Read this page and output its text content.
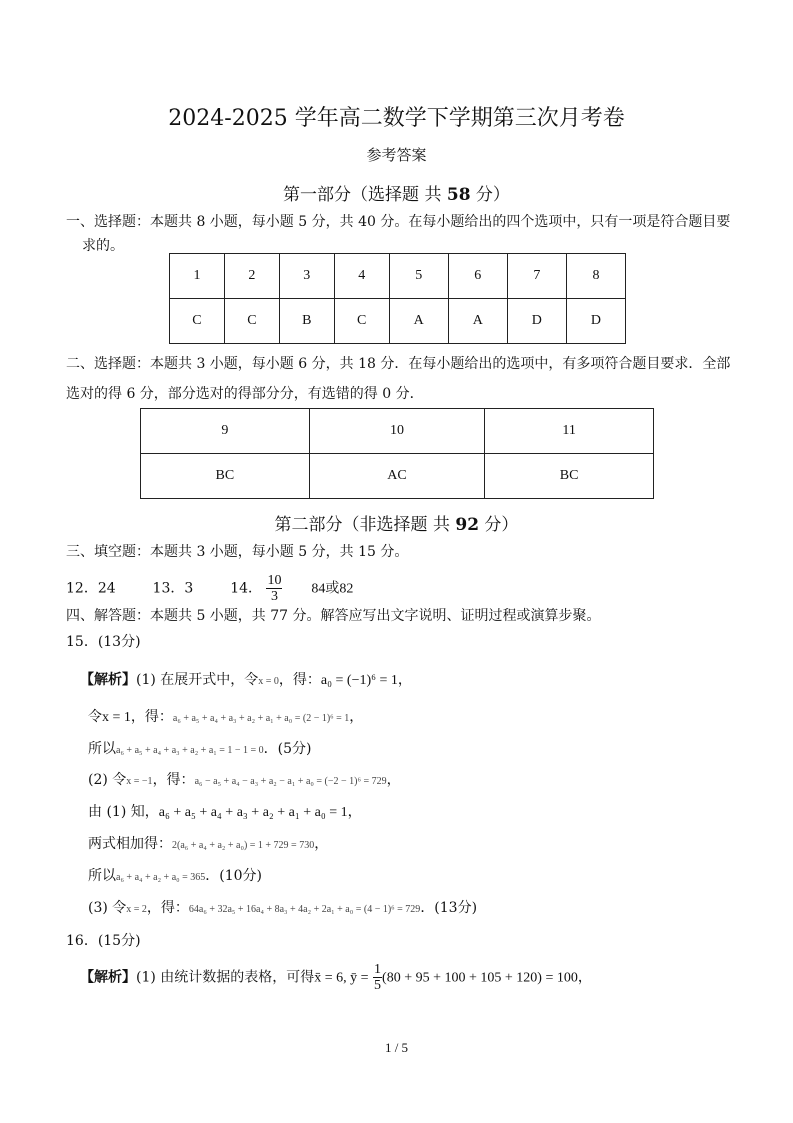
2024-2025 学年高二数学下学期第三次月考卷
参考答案
第一部分（选择题 共 58 分）
一、选择题：本题共 8 小题，每小题 5 分，共 40 分。在每小题给出的四个选项中，只有一项是符合题目要
求的。
1	2	3	4	5	6	7	8
C	C	B	C	A	A	D	D
二、选择题：本题共 3 小题，每小题 6 分，共 18 分．在每小题给出的选项中，有多项符合题目要求．全部
选对的得 6 分，部分选对的得部分分，有选错的得 0 分．
9	10	11
BC	AC	BC
第二部分（非选择题 共 92 分）
三、填空题：本题共 3 小题，每小题 5 分，共 15 分。
12．24	13．3	14． $\frac{10}{3} 84$或82
四、解答题：本题共 5 小题，共 77 分。解答应写出文字说明、证明过程或演算步聚。
15．(13分)
【解析】(1) 在展开式中，令x = 0，得：a₀ = (−1)⁶ = 1，
令x = 1，得：a₆ + a₅ + a₄ + a₃ + a₂ + a₁ + a₀ = (2 − 1)⁶ = 1，
所以a₆ + a₅ + a₄ + a₃ + a₂ + a₁ = 1 − 1 = 0．(5分)
(2) 令x = −1，得：a₆ − a₅ + a₄ − a₃ + a₂ − a₁ + a₀ = (−2 − 1)⁶ = 729，
由 (1) 知，a₆ + a₅ + a₄ + a₃ + a₂ + a₁ + a₀ = 1，
两式相加得：2(a₆ + a₄ + a₂ + a₀) = 1 + 729 = 730，
所以a₆ + a₄ + a₂ + a₀ = 365．(10分)
(3) 令x = 2，得：64a₆ + 32a₅ + 16a₄ + 8a₃ + 4a₂ + 2a₁ + a₀ = (4 − 1)⁶ = 729．(13分)
16．(15分)
【解析】(1) 由统计数据的表格，可得x̄ = 6, ȳ = $\frac{1}{5} (80 + 95 + 100 + 105 + 120) = 100$，
1 / 5
